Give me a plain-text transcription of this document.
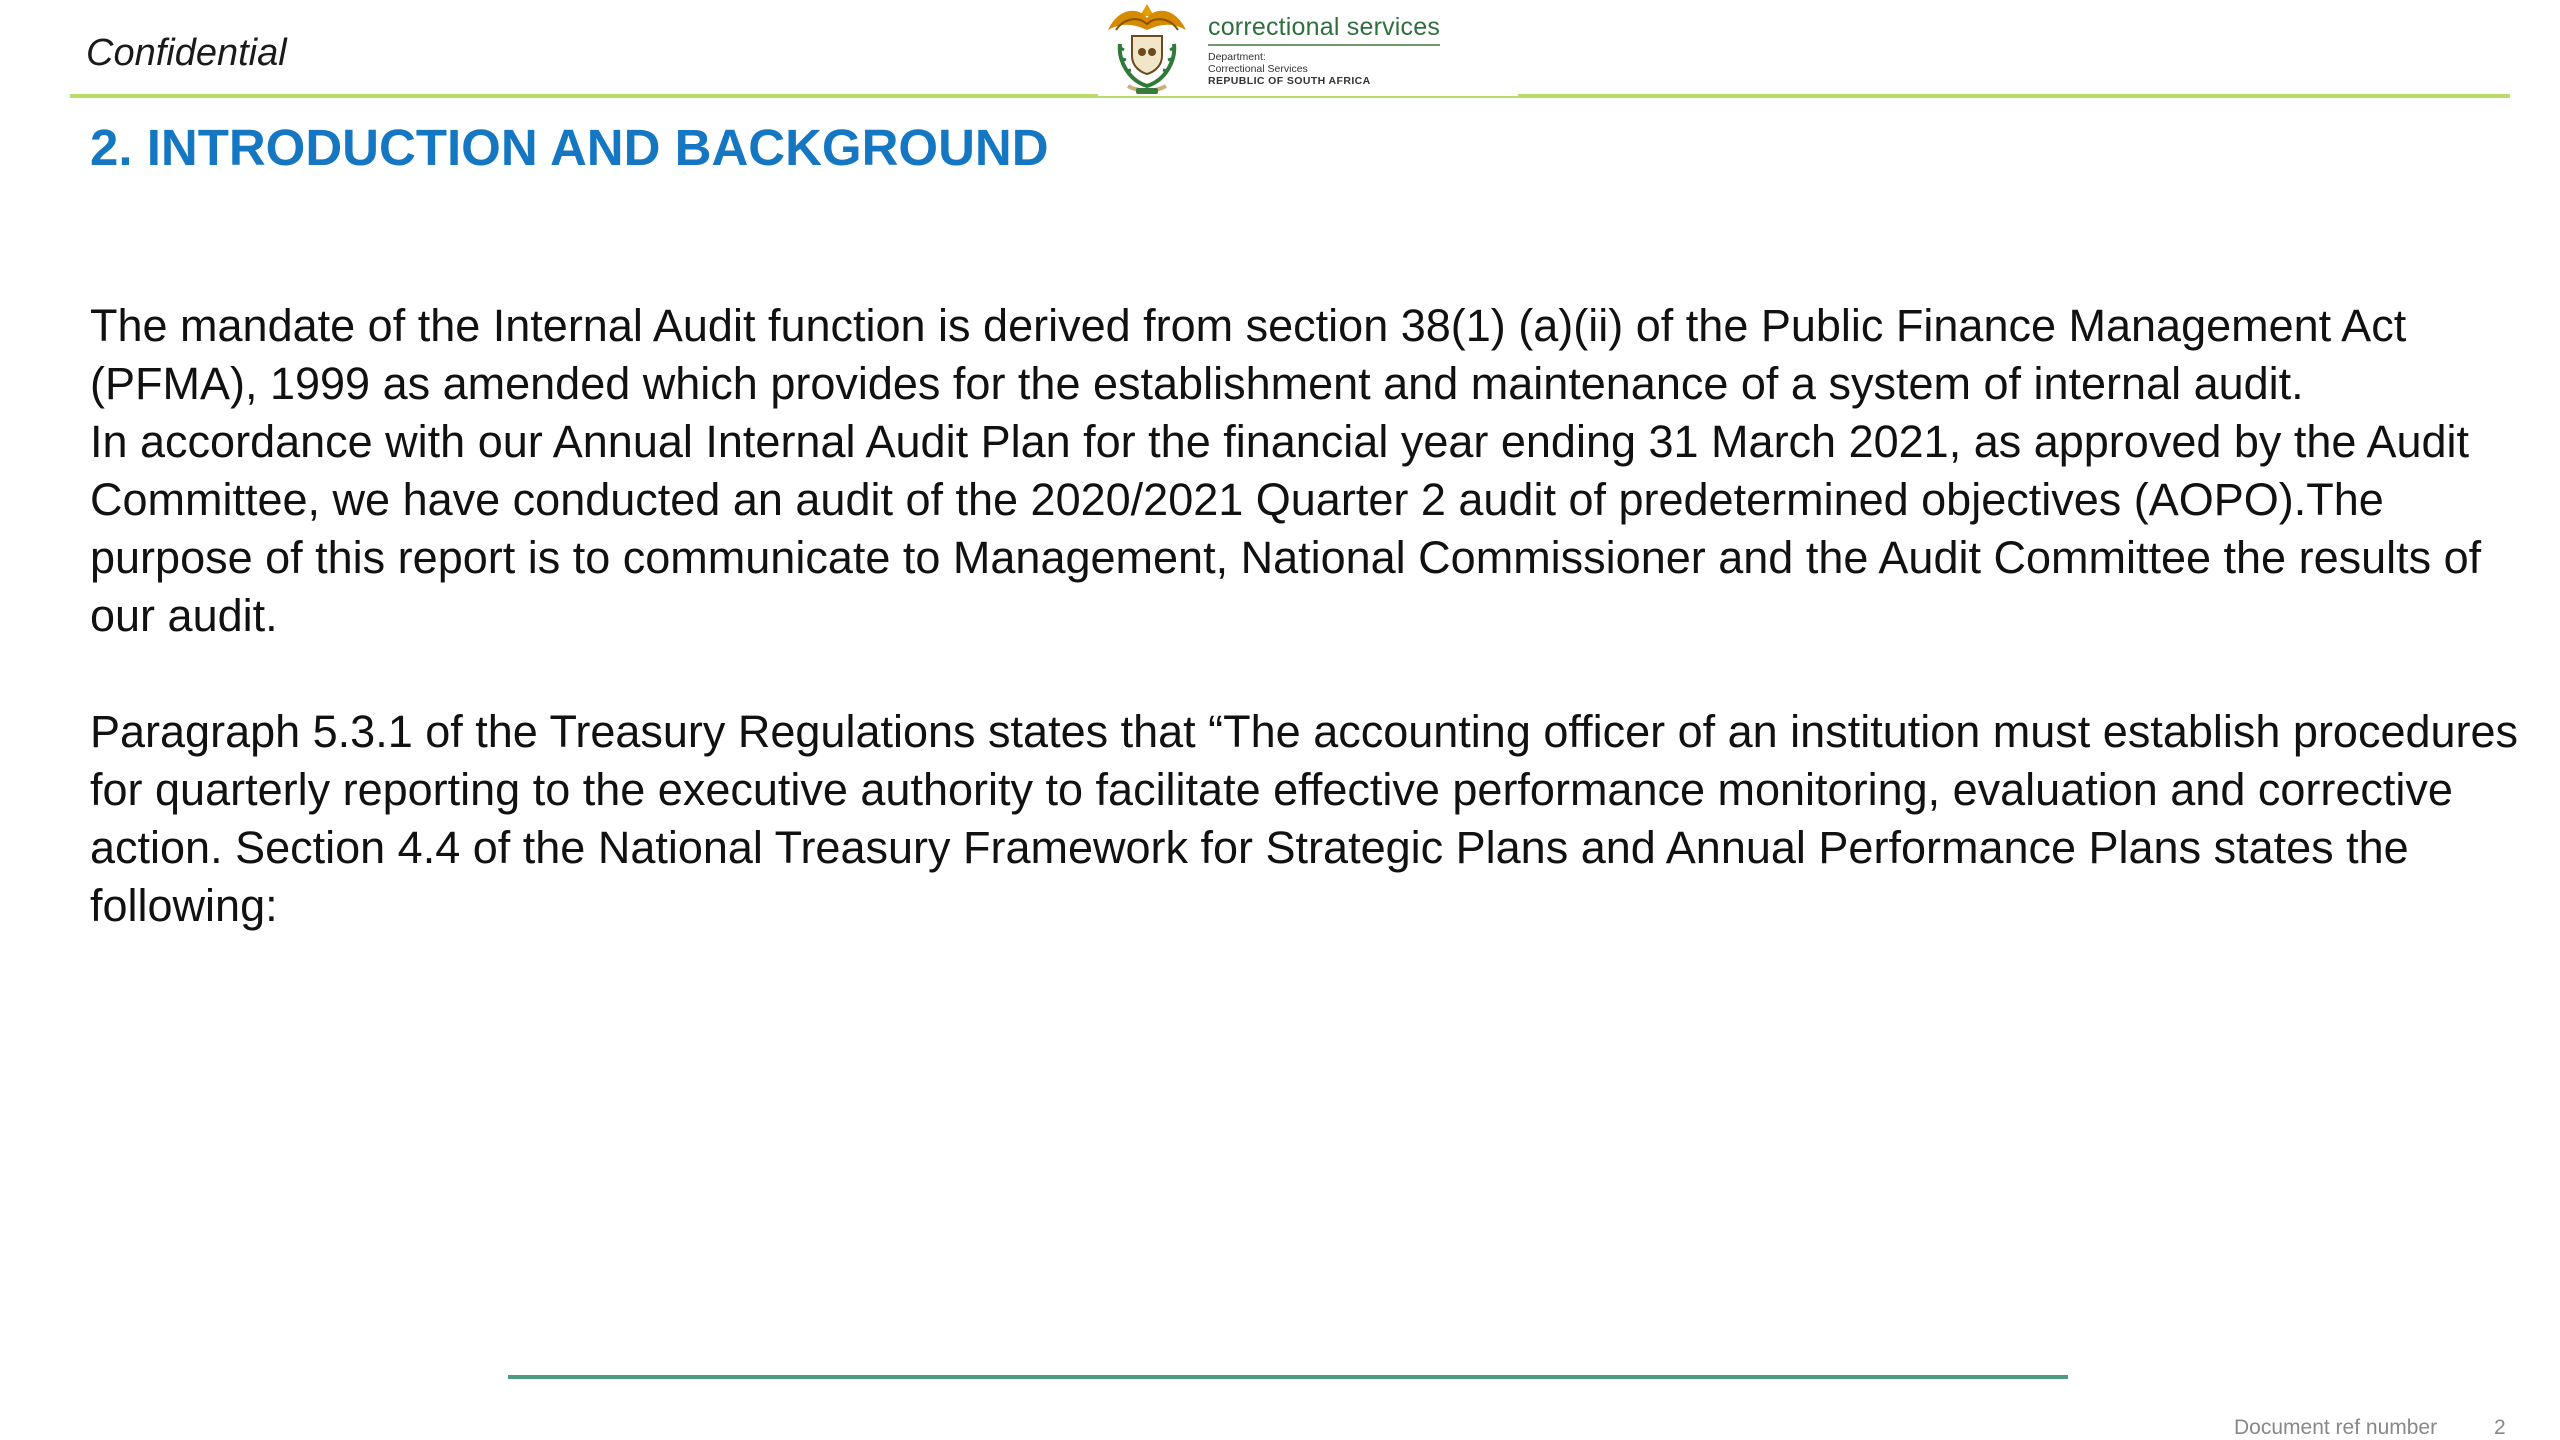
Confidential
correctional services
Department:
Correctional Services
REPUBLIC OF SOUTH AFRICA
2. INTRODUCTION AND BACKGROUND

The mandate of the Internal Audit function is derived from section 38(1) (a)(ii) of the Public Finance Management Act (PFMA), 1999 as amended which provides for the establishment and maintenance of a system of internal audit.

In accordance with our Annual Internal Audit Plan for the financial year ending 31 March 2021, as approved by the Audit Committee, we have conducted an audit of the 2020/2021 Quarter 2 audit of predetermined objectives (AOPO).The purpose of this report is to communicate to Management, National Commissioner and the Audit Committee the results of our audit.

Paragraph 5.3.1 of the Treasury Regulations states that “The accounting officer of an institution must establish procedures for quarterly reporting to the executive authority to facilitate effective performance monitoring, evaluation and corrective action. Section 4.4 of the National Treasury Framework for Strategic Plans and Annual Performance Plans states the following:

Document ref number	2
